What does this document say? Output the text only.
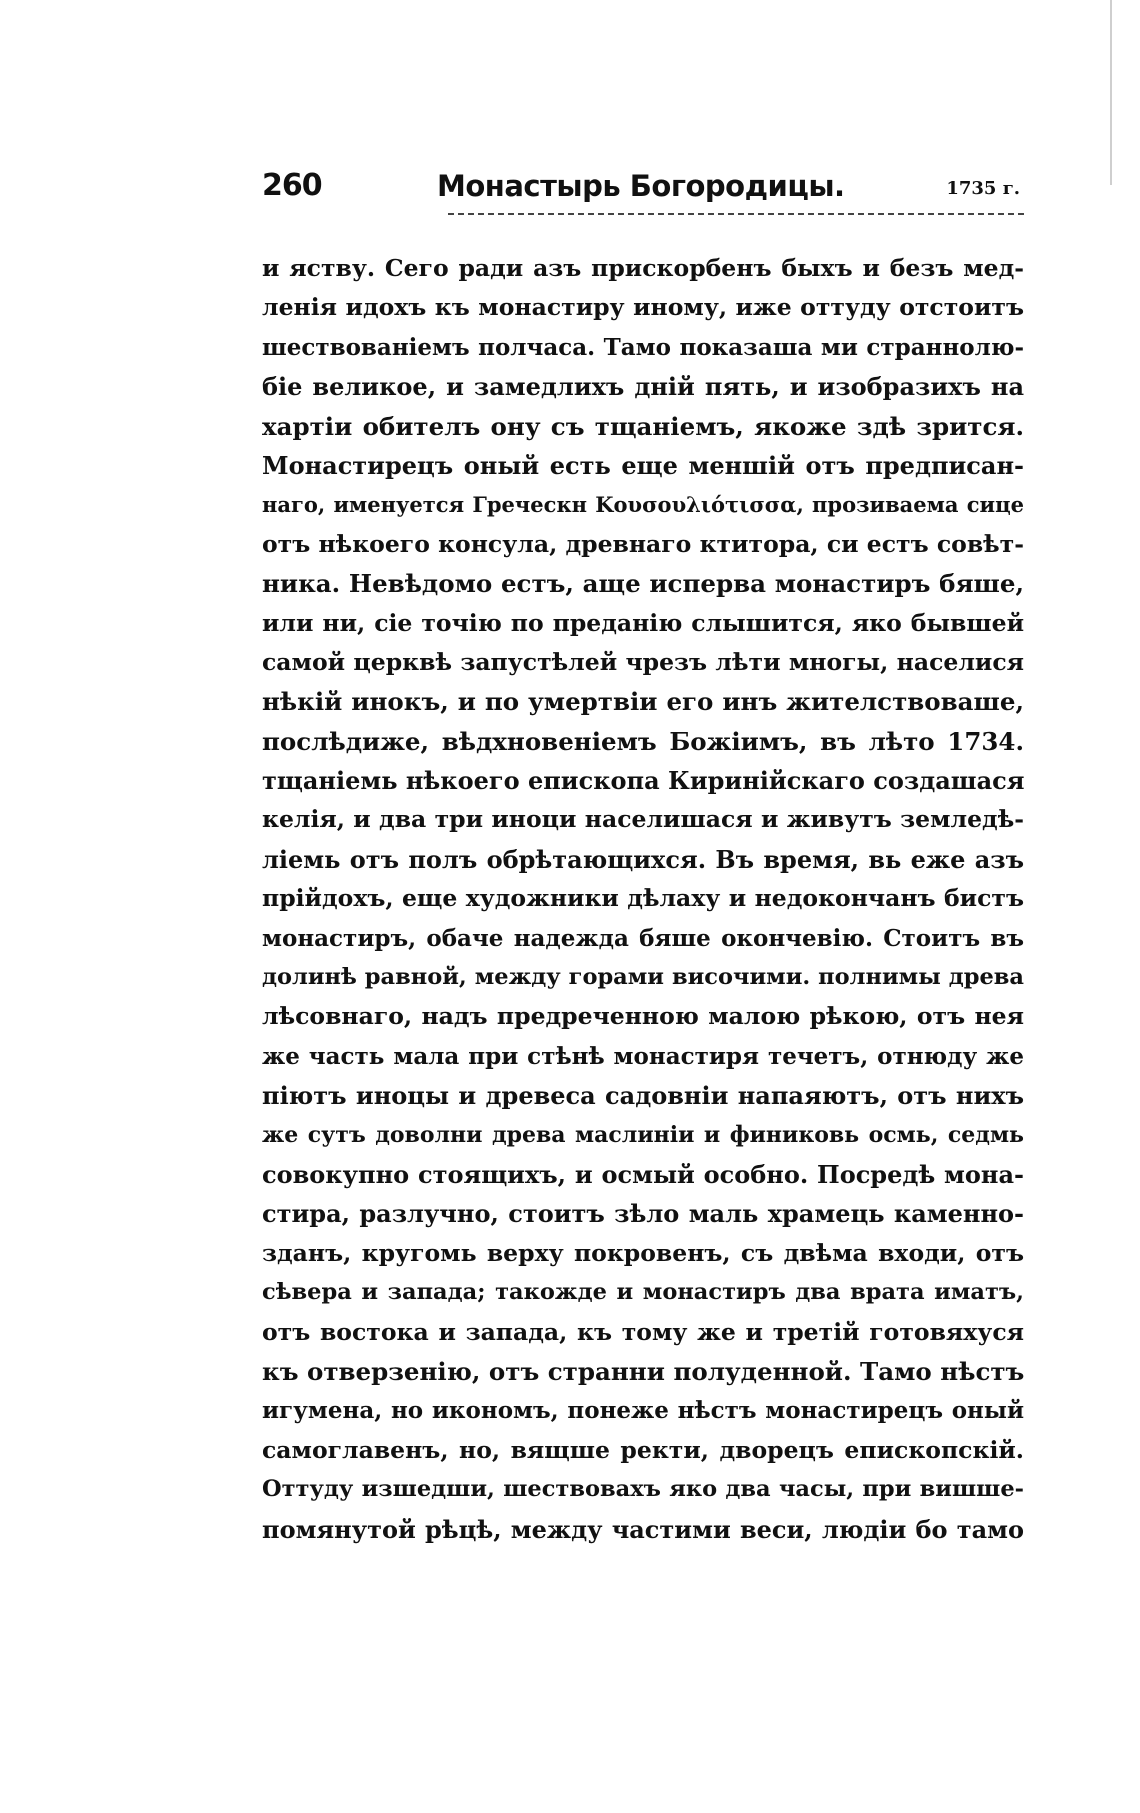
260	Монастырь Богородицы.	1735 г.
и яству. Сего ради азъ прискорбенъ быхъ и безъ мед-
ленія идохъ къ монастиру иному, иже оттуду отстоитъ
шествованіемъ полчаса. Тамо показаша ми страннолю-
біе великое, и замедлихъ дній пять, и изобразихъ на
хартіи обителъ ону съ тщаніемъ, якоже здѣ зрится.
Монастирецъ оный есть еще меншій отъ предписан-
наго, именуется Греческн Κουσουλιότισσα, прозиваема сице
отъ нѣкоего консула, древнаго ктитора, си естъ совѣт-
ника. Невѣдомо естъ, аще исперва монастиръ бяше,
или ни, сіе точію по преданію слышится, яко бывшей
самой церквѣ запустѣлей чрезъ лѣти многы, населися
нѣкій инокъ, и по умертвіи его инъ жителствоваше,
послѣдиже, вѣдхновеніемъ Божіимъ, въ лѣто 1734.
тщаніемь нѣкоего епископа Киринійскаго создашася
келія, и два три иноци населишася и живутъ земледѣ-
ліемь отъ полъ обрѣтающихся. Въ время, вь еже азъ
прійдохъ, еще художники дѣлаху и недокончанъ бистъ
монастиръ, обаче надежда бяше окончевію. Стоитъ въ
долинѣ равной, между горами височими. полнимы древа
лѣсовнаго, надъ предреченною малою рѣкою, отъ нея
же часть мала при стѣнѣ монастиря течетъ, отнюду же
піютъ иноцы и древеса садовніи напаяютъ, отъ нихъ
же сутъ доволни древа маслиніи и финиковь осмь, седмь
совокупно стоящихъ, и осмый особно. Посредѣ мона-
стира, разлучно, стоитъ зѣло маль храмець каменно-
зданъ, кругомь верху покровенъ, съ двѣма входи, отъ
сѣвера и запада; такожде и монастиръ два врата иматъ,
отъ востока и запада, къ тому же и третій готовяхуся
къ отверзенію, отъ странни полуденной. Тамо нѣстъ
игумена, но икономъ, понеже нѣстъ монастирецъ оный
самоглавенъ, но, вящше ректи, дворецъ епископскій.
Оттуду изшедши, шествовахъ яко два часы, при вишше-
помянутой рѣцѣ, между частими веси, людіи бо тамо
